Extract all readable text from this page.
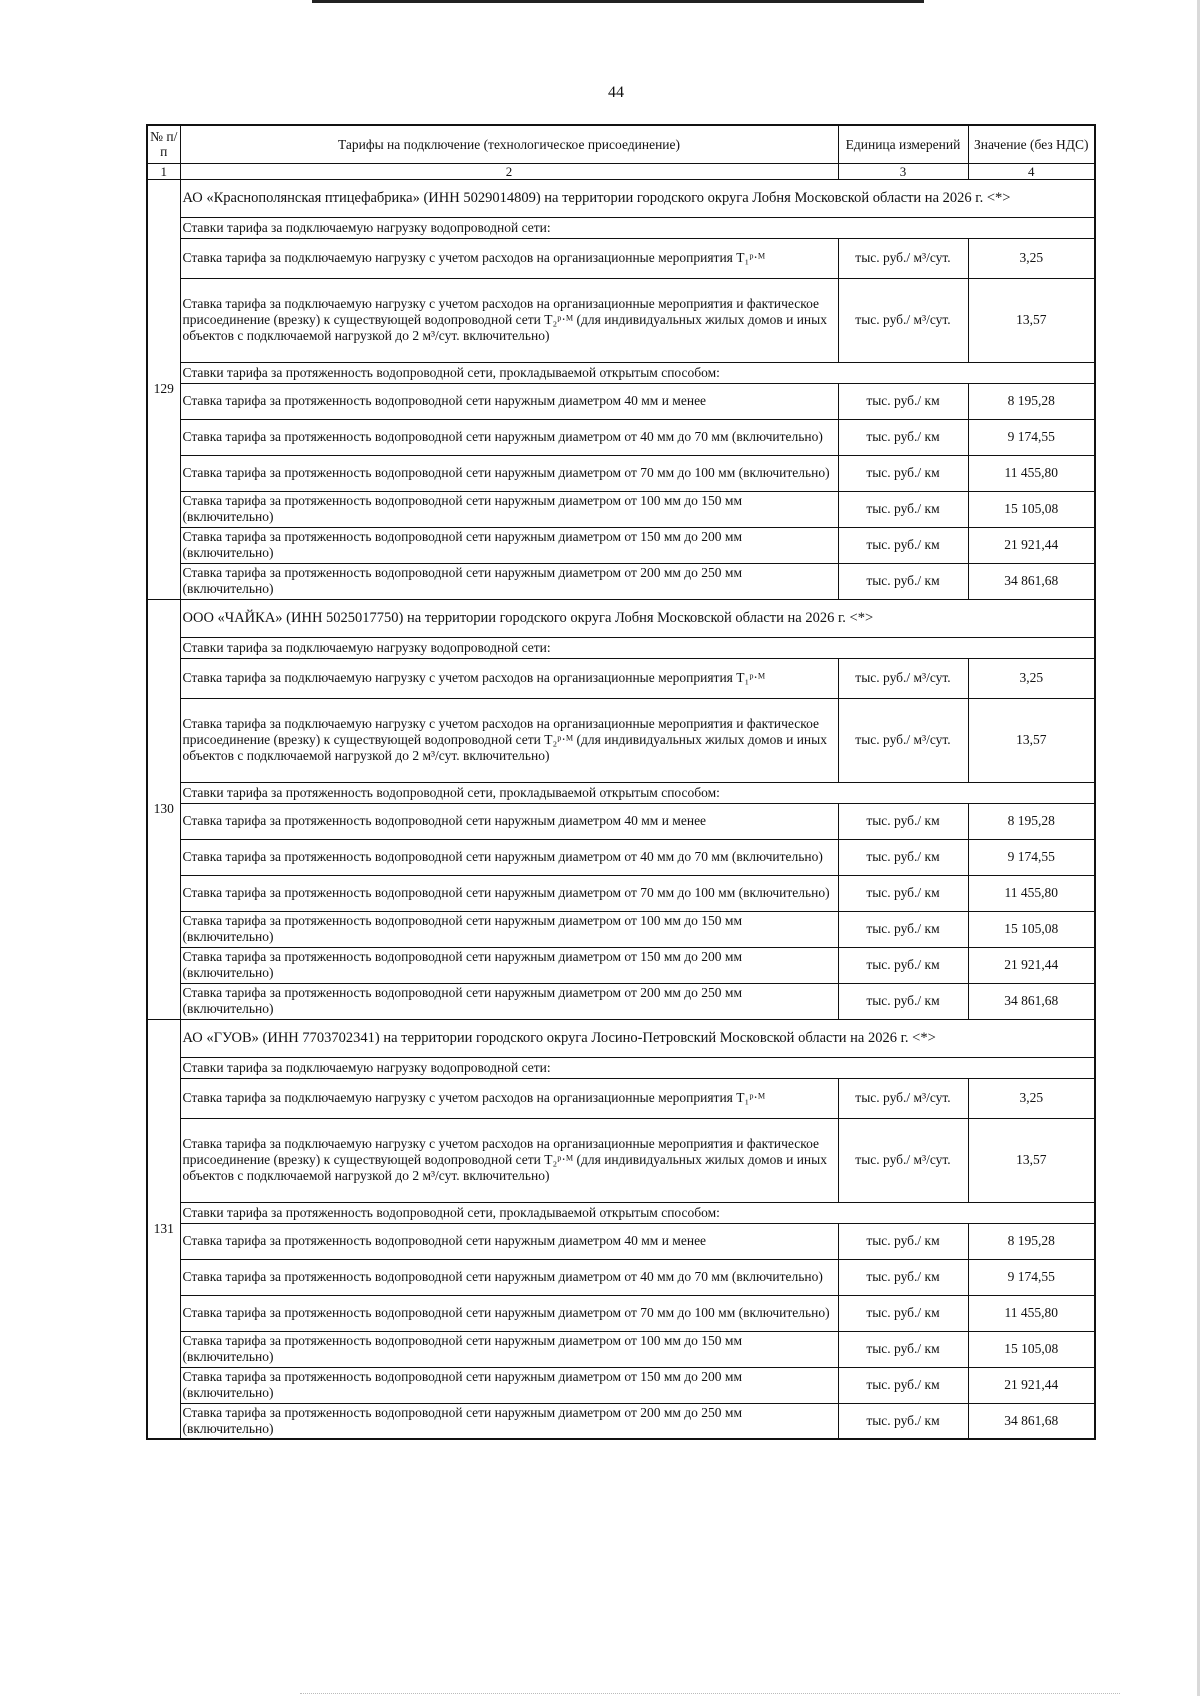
44
№ п/п	Тарифы на подключение (технологическое присоединение)	Единица измерений	Значение (без НДС)
1	2	3	4
129	АО «Краснополянская птицефабрика» (ИНН 5029014809) на территории городского округа Лобня Московской области на 2026 г. <*>		
	Ставки тарифа за подключаемую нагрузку водопроводной сети:		
	Ставка тарифа за подключаемую нагрузку с учетом расходов на организационные мероприятия T₁ᵖ·ᴹ	тыс. руб./ м³/сут.	3,25
	Ставка тарифа за подключаемую нагрузку с учетом расходов на организационные мероприятия и фактическое присоединение (врезку) к существующей водопроводной сети T₂ᵖ·ᴹ (для индивидуальных жилых домов и иных объектов с подключаемой нагрузкой до 2 м³/сут. включительно)	тыс. руб./ м³/сут.	13,57
	Ставки тарифа за протяженность водопроводной сети, прокладываемой открытым способом:		
	Ставка тарифа за протяженность водопроводной сети наружным диаметром 40 мм и менее	тыс. руб./ км	8 195,28
	Ставка тарифа за протяженность водопроводной сети наружным диаметром от 40 мм до 70 мм (включительно)	тыс. руб./ км	9 174,55
	Ставка тарифа за протяженность водопроводной сети наружным диаметром от 70 мм до 100 мм (включительно)	тыс. руб./ км	11 455,80
	Ставка тарифа за протяженность водопроводной сети наружным диаметром от 100 мм до 150 мм (включительно)	тыс. руб./ км	15 105,08
	Ставка тарифа за протяженность водопроводной сети наружным диаметром от 150 мм до 200 мм (включительно)	тыс. руб./ км	21 921,44
	Ставка тарифа за протяженность водопроводной сети наружным диаметром от 200 мм до 250 мм (включительно)	тыс. руб./ км	34 861,68
130	ООО «ЧАЙКА» (ИНН 5025017750) на территории городского округа Лобня Московской области на 2026 г. <*>		
	Ставки тарифа за подключаемую нагрузку водопроводной сети:		
	Ставка тарифа за подключаемую нагрузку с учетом расходов на организационные мероприятия T₁ᵖ·ᴹ	тыс. руб./ м³/сут.	3,25
	Ставка тарифа за подключаемую нагрузку с учетом расходов на организационные мероприятия и фактическое присоединение (врезку) к существующей водопроводной сети T₂ᵖ·ᴹ (для индивидуальных жилых домов и иных объектов с подключаемой нагрузкой до 2 м³/сут. включительно)	тыс. руб./ м³/сут.	13,57
	Ставки тарифа за протяженность водопроводной сети, прокладываемой открытым способом:		
	Ставка тарифа за протяженность водопроводной сети наружным диаметром 40 мм и менее	тыс. руб./ км	8 195,28
	Ставка тарифа за протяженность водопроводной сети наружным диаметром от 40 мм до 70 мм (включительно)	тыс. руб./ км	9 174,55
	Ставка тарифа за протяженность водопроводной сети наружным диаметром от 70 мм до 100 мм (включительно)	тыс. руб./ км	11 455,80
	Ставка тарифа за протяженность водопроводной сети наружным диаметром от 100 мм до 150 мм (включительно)	тыс. руб./ км	15 105,08
	Ставка тарифа за протяженность водопроводной сети наружным диаметром от 150 мм до 200 мм (включительно)	тыс. руб./ км	21 921,44
	Ставка тарифа за протяженность водопроводной сети наружным диаметром от 200 мм до 250 мм (включительно)	тыс. руб./ км	34 861,68
131	АО «ГУОВ» (ИНН 7703702341) на территории городского округа Лосино-Петровский Московской области на 2026 г. <*>		
	Ставки тарифа за подключаемую нагрузку водопроводной сети:		
	Ставка тарифа за подключаемую нагрузку с учетом расходов на организационные мероприятия T₁ᵖ·ᴹ	тыс. руб./ м³/сут.	3,25
	Ставка тарифа за подключаемую нагрузку с учетом расходов на организационные мероприятия и фактическое присоединение (врезку) к существующей водопроводной сети T₂ᵖ·ᴹ (для индивидуальных жилых домов и иных объектов с подключаемой нагрузкой до 2 м³/сут. включительно)	тыс. руб./ м³/сут.	13,57
	Ставки тарифа за протяженность водопроводной сети, прокладываемой открытым способом:		
	Ставка тарифа за протяженность водопроводной сети наружным диаметром 40 мм и менее	тыс. руб./ км	8 195,28
	Ставка тарифа за протяженность водопроводной сети наружным диаметром от 40 мм до 70 мм (включительно)	тыс. руб./ км	9 174,55
	Ставка тарифа за протяженность водопроводной сети наружным диаметром от 70 мм до 100 мм (включительно)	тыс. руб./ км	11 455,80
	Ставка тарифа за протяженность водопроводной сети наружным диаметром от 100 мм до 150 мм (включительно)	тыс. руб./ км	15 105,08
	Ставка тарифа за протяженность водопроводной сети наружным диаметром от 150 мм до 200 мм (включительно)	тыс. руб./ км	21 921,44
	Ставка тарифа за протяженность водопроводной сети наружным диаметром от 200 мм до 250 мм (включительно)	тыс. руб./ км	34 861,68
